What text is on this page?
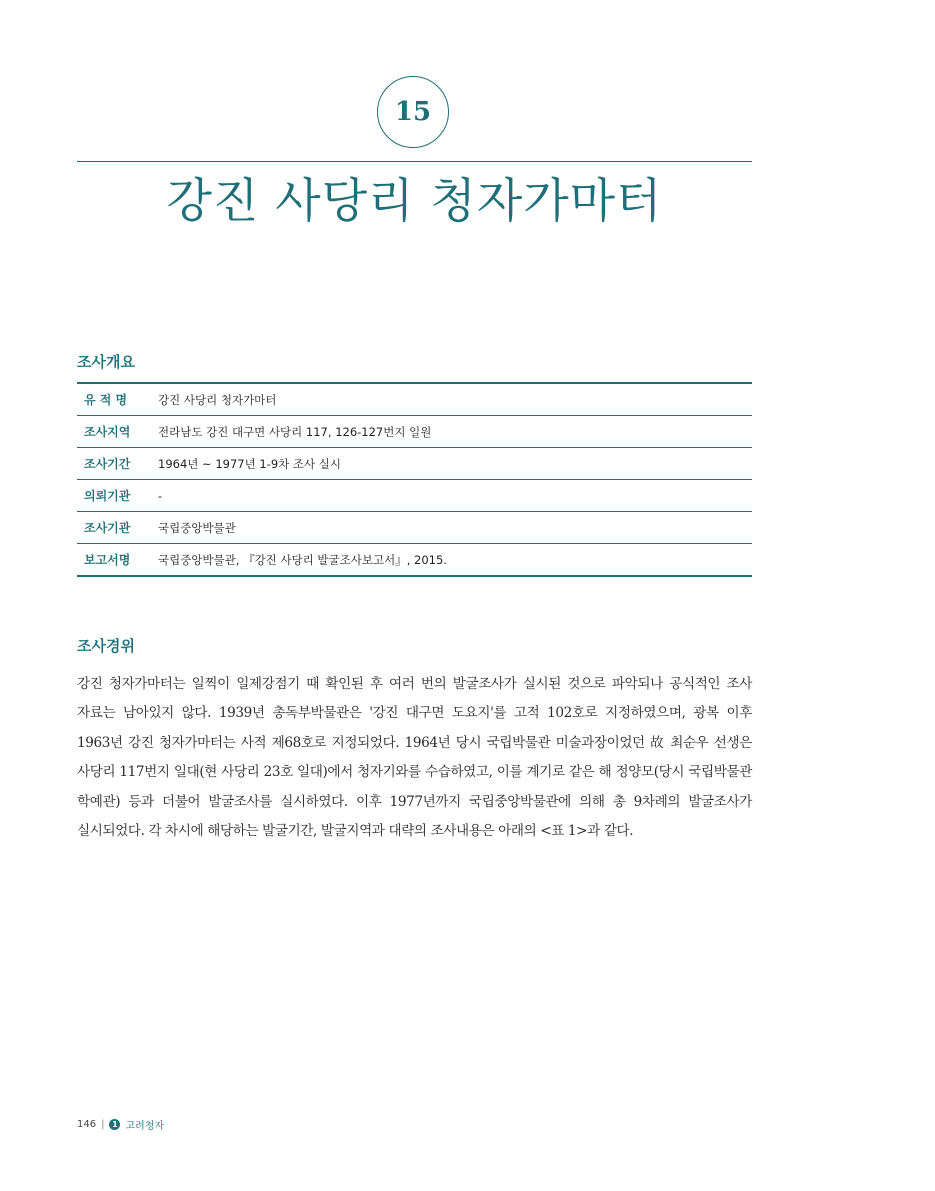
15
강진 사당리 청자가마터
조사개요
유 적 명	강진 사당리 청자가마터
조사지역	전라남도 강진 대구면 사당리 117, 126-127번지 일원
조사기간	1964년 ~ 1977년 1-9차 조사 실시
의뢰기관	-
조사기관	국립중앙박물관
보고서명	국립중앙박물관, 『강진 사당리 발굴조사보고서』, 2015.
조사경위

강진 청자가마터는 일찍이 일제강점기 때 확인된 후 여러 번의 발굴조사가 실시된 것으로 파악되나 공식적인 조사 자료는 남아있지 않다. 1939년 총독부박물관은 '강진 대구면 도요지'를 고적 102호로 지정하였으며, 광복 이후 1963년 강진 청자가마터는 사적 제68호로 지정되었다. 1964년 당시 국립박물관 미술과장이었던 故 최순우 선생은 사당리 117번지 일대(현 사당리 23호 일대)에서 청자기와를 수습하였고, 이를 계기로 같은 해 정양모(당시 국립박물관 학예관) 등과 더불어 발굴조사를 실시하였다. 이후 1977년까지 국립중앙박물관에 의해 총 9차례의 발굴조사가 실시되었다. 각 차시에 해당하는 발굴기간, 발굴지역과 대략의 조사내용은 아래의 <표 1>과 같다.

146 | 1 고려청자
